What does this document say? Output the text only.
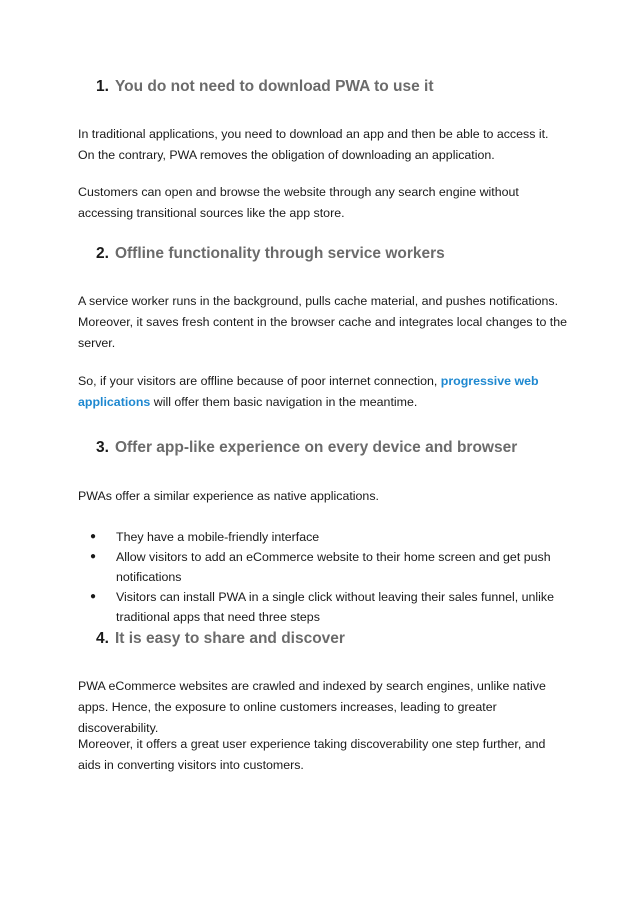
1. You do not need to download PWA to use it

In traditional applications, you need to download an app and then be able to access it. On the contrary, PWA removes the obligation of downloading an application.

Customers can open and browse the website through any search engine without accessing transitional sources like the app store.

2. Offline functionality through service workers

A service worker runs in the background, pulls cache material, and pushes notifications. Moreover, it saves fresh content in the browser cache and integrates local changes to the server.

So, if your visitors are offline because of poor internet connection, progressive web applications will offer them basic navigation in the meantime.

3. Offer app-like experience on every device and browser

PWAs offer a similar experience as native applications.

● They have a mobile-friendly interface
● Allow visitors to add an eCommerce website to their home screen and get push notifications
● Visitors can install PWA in a single click without leaving their sales funnel, unlike traditional apps that need three steps
4. It is easy to share and discover

PWA eCommerce websites are crawled and indexed by search engines, unlike native apps. Hence, the exposure to online customers increases, leading to greater discoverability.

Moreover, it offers a great user experience taking discoverability one step further, and aids in converting visitors into customers.
